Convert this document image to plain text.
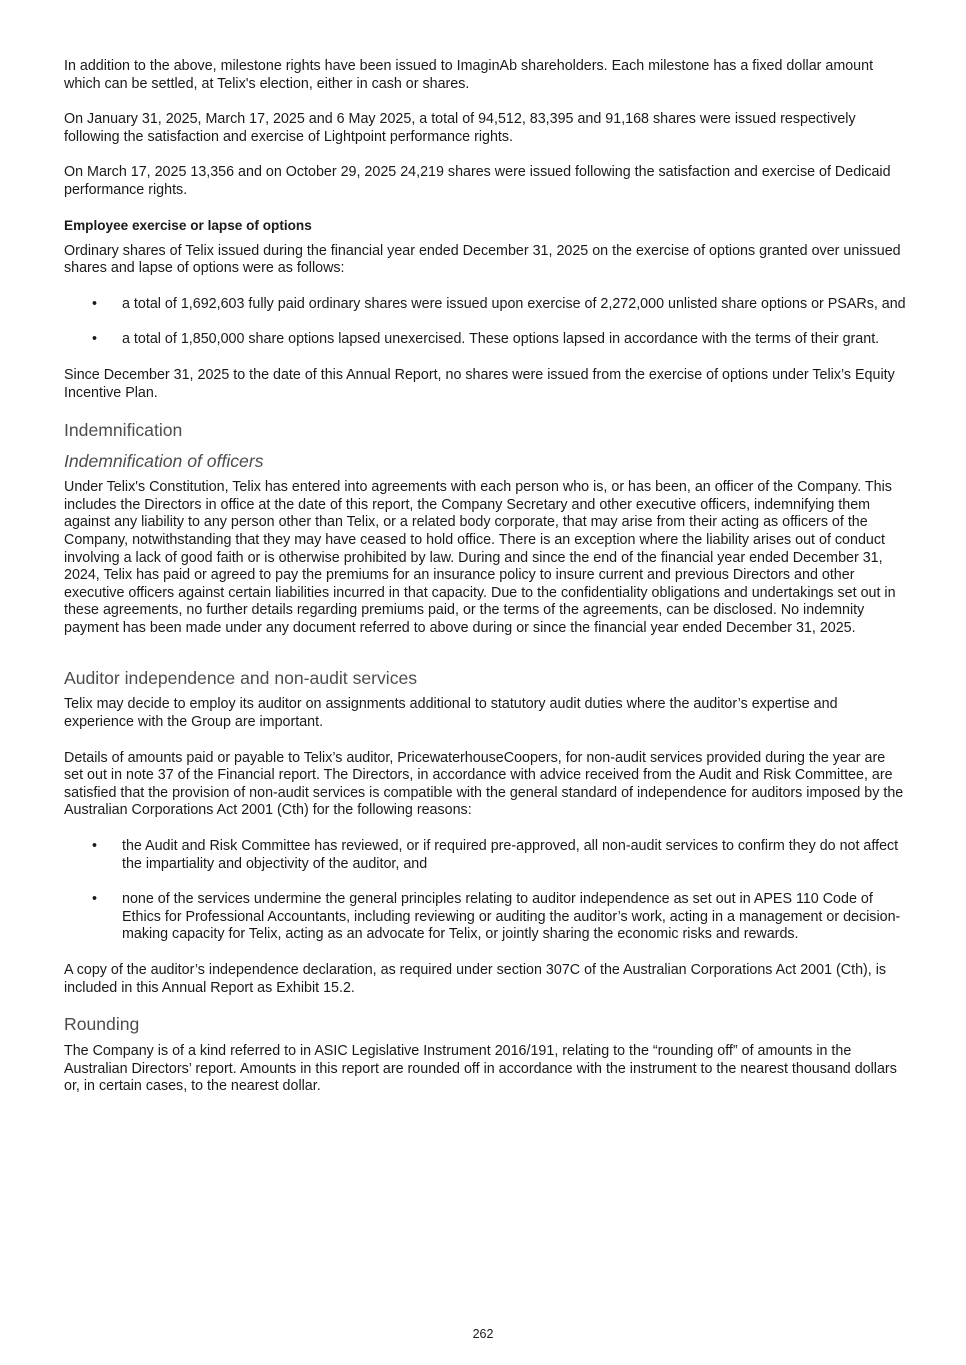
In addition to the above, milestone rights have been issued to ImaginAb shareholders. Each milestone has a fixed dollar amount which can be settled, at Telix's election, either in cash or shares.

On January 31, 2025, March 17, 2025 and 6 May 2025, a total of 94,512, 83,395 and 91,168 shares were issued respectively following the satisfaction and exercise of Lightpoint performance rights.

On March 17, 2025 13,356 and on October 29, 2025 24,219 shares were issued following the satisfaction and exercise of Dedicaid performance rights.

Employee exercise or lapse of options

Ordinary shares of Telix issued during the financial year ended December 31, 2025 on the exercise of options granted over unissued shares and lapse of options were as follows:

• a total of 1,692,603 fully paid ordinary shares were issued upon exercise of 2,272,000 unlisted share options or PSARs, and
• a total of 1,850,000 share options lapsed unexercised. These options lapsed in accordance with the terms of their grant.

Since December 31, 2025 to the date of this Annual Report, no shares were issued from the exercise of options under Telix’s Equity Incentive Plan.

Indemnification
Indemnification of officers

Under Telix's Constitution, Telix has entered into agreements with each person who is, or has been, an officer of the Company. This includes the Directors in office at the date of this report, the Company Secretary and other executive officers, indemnifying them against any liability to any person other than Telix, or a related body corporate, that may arise from their acting as officers of the Company, notwithstanding that they may have ceased to hold office. There is an exception where the liability arises out of conduct involving a lack of good faith or is otherwise prohibited by law. During and since the end of the financial year ended December 31, 2024, Telix has paid or agreed to pay the premiums for an insurance policy to insure current and previous Directors and other executive officers against certain liabilities incurred in that capacity. Due to the confidentiality obligations and undertakings set out in these agreements, no further details regarding premiums paid, or the terms of the agreements, can be disclosed. No indemnity payment has been made under any document referred to above during or since the financial year ended December 31, 2025.

Auditor independence and non-audit services

Telix may decide to employ its auditor on assignments additional to statutory audit duties where the auditor’s expertise and experience with the Group are important.

Details of amounts paid or payable to Telix’s auditor, PricewaterhouseCoopers, for non-audit services provided during the year are set out in note 37 of the Financial report. The Directors, in accordance with advice received from the Audit and Risk Committee, are satisfied that the provision of non-audit services is compatible with the general standard of independence for auditors imposed by the Australian Corporations Act 2001 (Cth) for the following reasons:

• the Audit and Risk Committee has reviewed, or if required pre-approved, all non-audit services to confirm they do not affect the impartiality and objectivity of the auditor, and
• none of the services undermine the general principles relating to auditor independence as set out in APES 110 Code of Ethics for Professional Accountants, including reviewing or auditing the auditor’s work, acting in a management or decision-making capacity for Telix, acting as an advocate for Telix, or jointly sharing the economic risks and rewards.

A copy of the auditor’s independence declaration, as required under section 307C of the Australian Corporations Act 2001 (Cth), is included in this Annual Report as Exhibit 15.2.

Rounding

The Company is of a kind referred to in ASIC Legislative Instrument 2016/191, relating to the “rounding off” of amounts in the Australian Directors’ report. Amounts in this report are rounded off in accordance with the instrument to the nearest thousand dollars or, in certain cases, to the nearest dollar.

262
